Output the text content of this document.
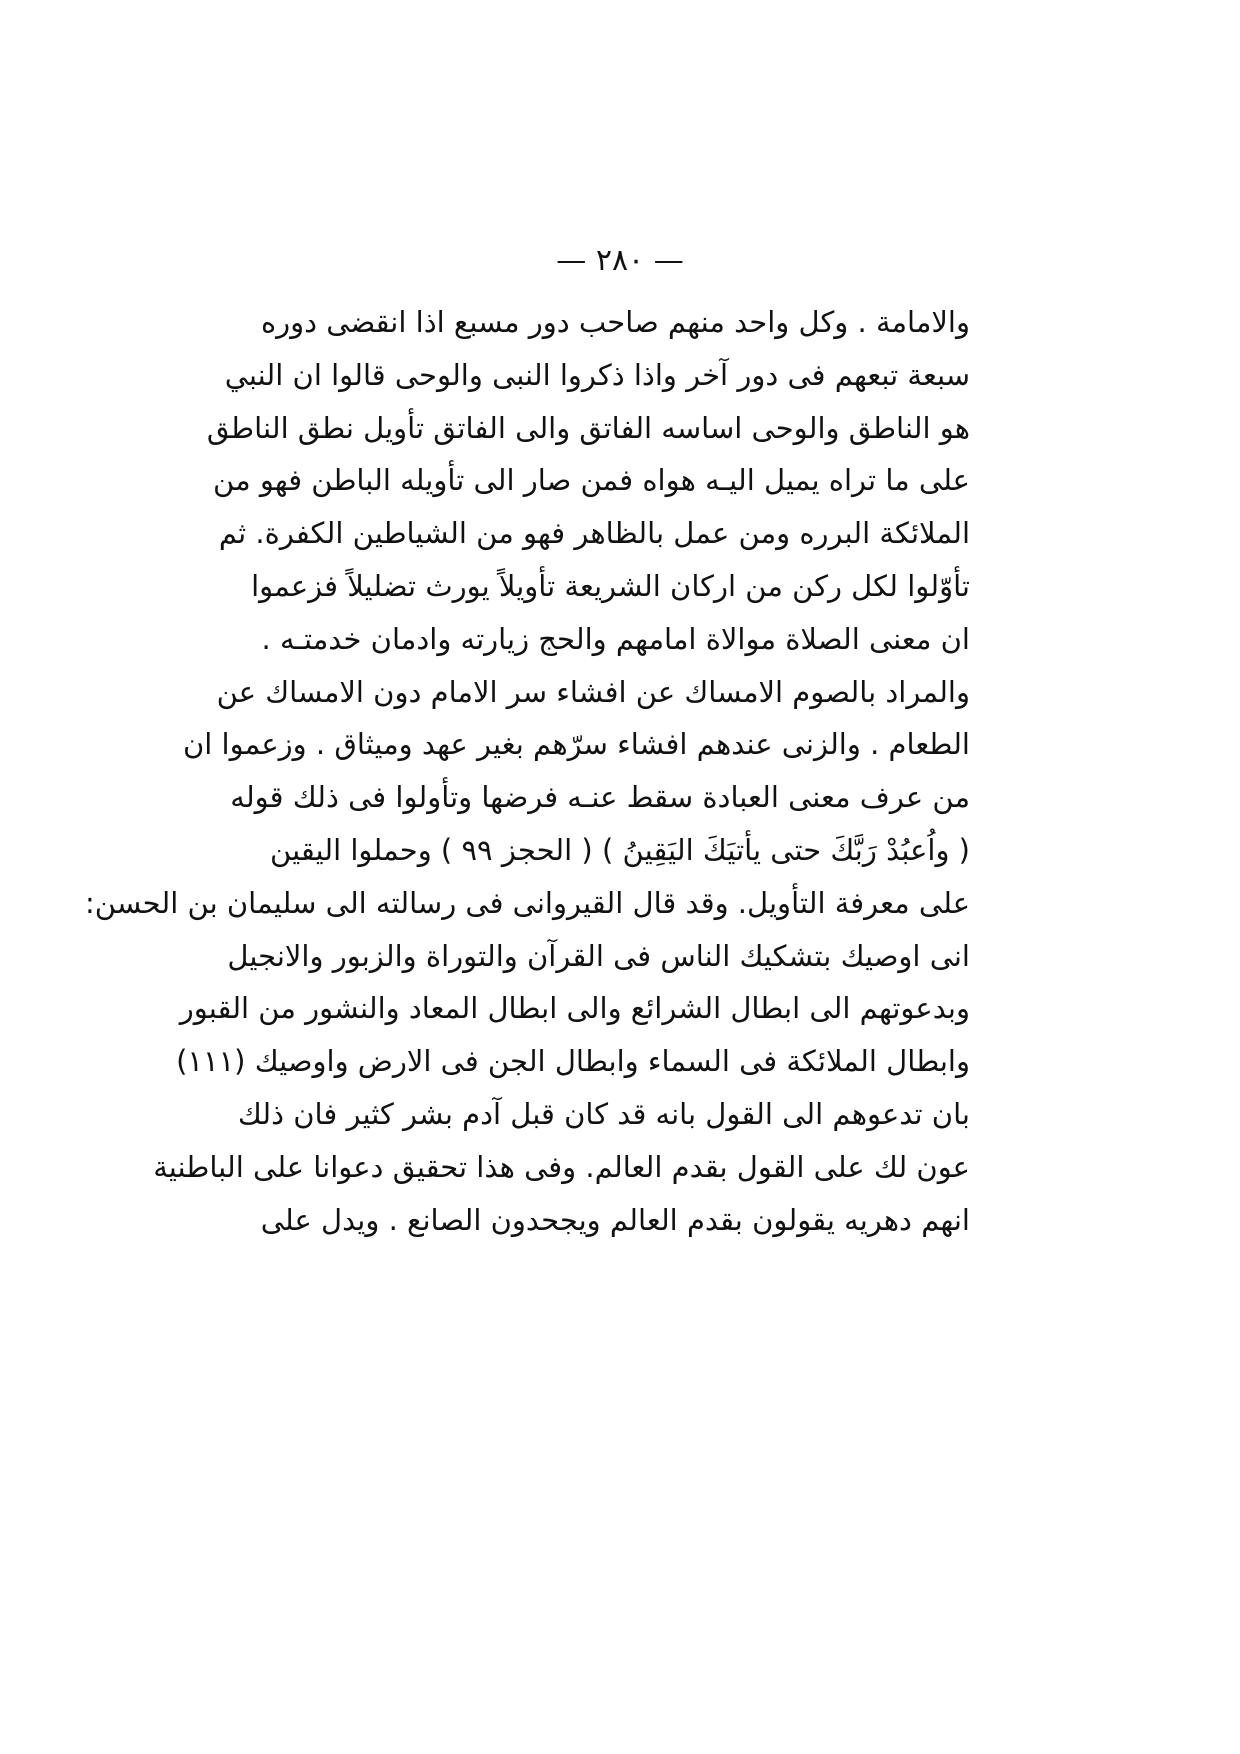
— ٢٨٠ —
والامامة . وكل واحد منهم صاحب دور مسبع اذا انقضى دوره
سبعة تبعهم فى دور آخر واذا ذكروا النبى والوحى قالوا ان النبي
هو الناطق والوحى اساسه الفاتق والى الفاتق تأويل نطق الناطق
على ما تراه يميل اليـه هواه فمن صار الى تأويله الباطن فهو من
الملائكة البرره ومن عمل بالظاهر فهو من الشياطين الكفرة. ثم
تأوّلوا لكل ركن من اركان الشريعة تأويلاً يورث تضليلاً فزعموا
ان معنى الصلاة موالاة امامهم والحج زيارته وادمان خدمتـه .
والمراد بالصوم الامساك عن افشاء سر الامام دون الامساك عن
الطعام . والزنى عندهم افشاء سرّهم بغير عهد وميثاق . وزعموا ان
من عرف معنى العبادة سقط عنـه فرضها وتأولوا فى ذلك قوله
( واُعبُدْ رَبَّكَ حتى يأتيَكَ اليَقِينُ ) ( الحجز ٩٩ ) وحملوا اليقين
على معرفة التأويل. وقد قال القيروانى فى رسالته الى سليمان بن الحسن:
انى اوصيك بتشكيك الناس فى القرآن والتوراة والزبور والانجيل
وبدعوتهم الى ابطال الشرائع والى ابطال المعاد والنشور من القبور
وابطال الملائكة فى السماء وابطال الجن فى الارض واوصيك (١١١)
بان تدعوهم الى القول بانه قد كان قبل آدم بشر كثير فان ذلك
عون لك على القول بقدم العالم. وفى هذا تحقيق دعوانا على الباطنية
انهم دهريه يقولون بقدم العالم ويجحدون الصانع . ويدل على
